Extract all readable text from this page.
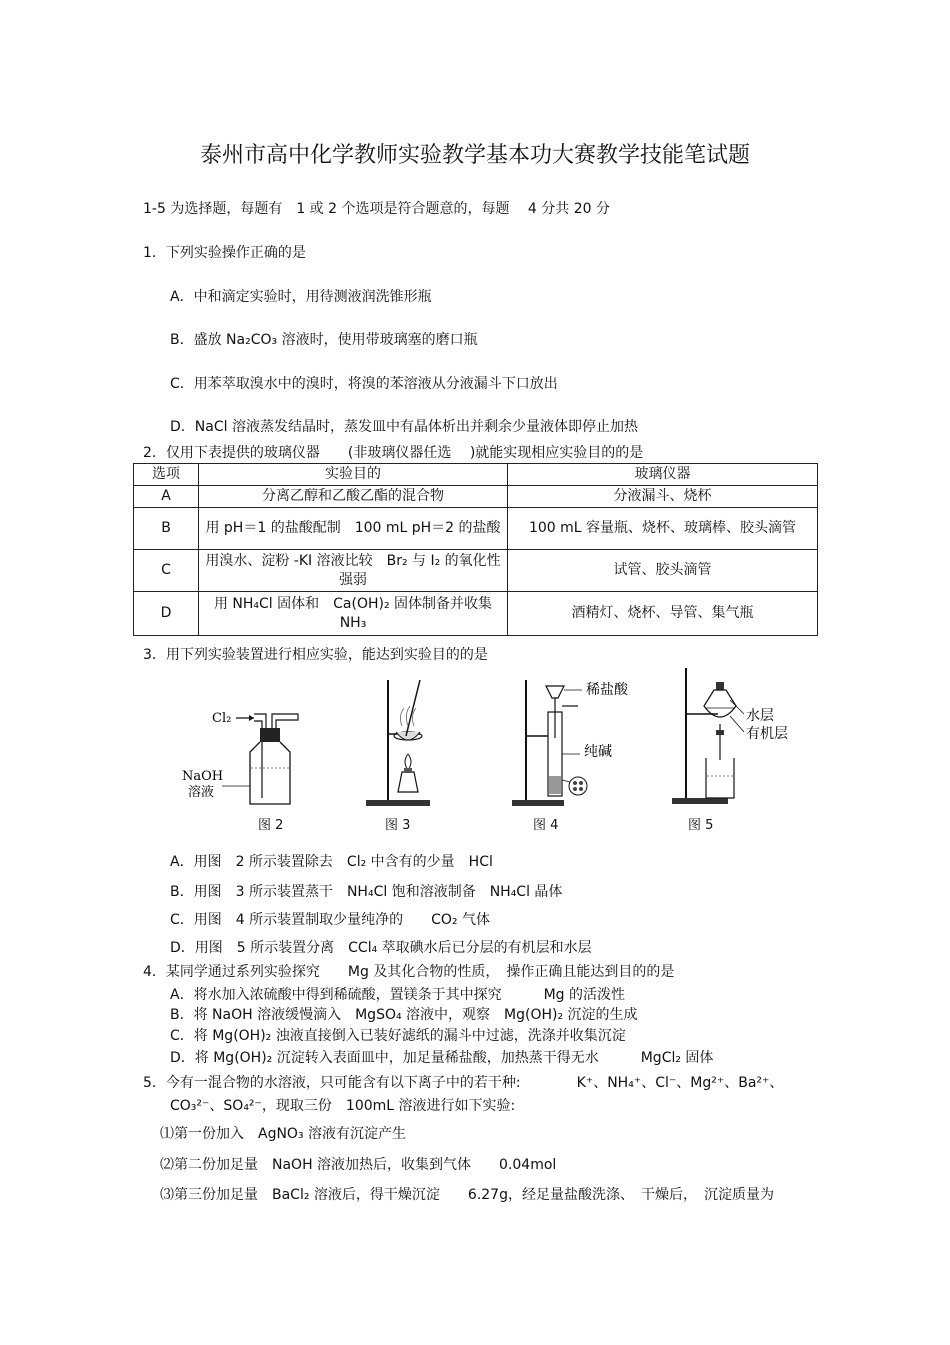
泰州市高中化学教师实验教学基本功大赛教学技能笔试题
1-5 为选择题，每题有　1 或 2 个选项是符合题意的，每题　 4 分共 20 分
1．下列实验操作正确的是
A．中和滴定实验时，用待测液润洗锥形瓶
B．盛放 Na₂CO₃ 溶液时，使用带玻璃塞的磨口瓶
C．用苯萃取溴水中的溴时，将溴的苯溶液从分液漏斗下口放出
D．NaCl 溶液蒸发结晶时，蒸发皿中有晶体析出并剩余少量液体即停止加热
2．仅用下表提供的玻璃仪器　　(非玻璃仪器任选　 )就能实现相应实验目的的是
选项	实验目的	玻璃仪器
A	分离乙醇和乙酸乙酯的混合物	分液漏斗、烧杯
B	用 pH＝1 的盐酸配制　100 mL pH＝2 的盐酸	100 mL 容量瓶、烧杯、玻璃棒、胶头滴管
C	用溴水、淀粉 -KI 溶液比较　Br₂ 与 I₂ 的氧化性强弱	试管、胶头滴管
D	用 NH₄Cl 固体和　Ca(OH)₂ 固体制备并收集 NH₃	酒精灯、烧杯、导管、集气瓶
3．用下列实验装置进行相应实验，能达到实验目的的是
Cl₂
NaOH
溶液
图 2	图 3
稀盐酸
纯碱
图 4
水层
有机层
图 5
A．用图　2 所示装置除去　Cl₂ 中含有的少量　HCl
B．用图　3 所示装置蒸干　NH₄Cl 饱和溶液制备　NH₄Cl 晶体
C．用图　4 所示装置制取少量纯净的　　CO₂ 气体
D．用图　5 所示装置分离　CCl₄ 萃取碘水后已分层的有机层和水层
4．某同学通过系列实验探究　　Mg 及其化合物的性质，　操作正确且能达到目的的是
A．将水加入浓硫酸中得到稀硫酸，置镁条于其中探究　　　Mg 的活泼性
B．将 NaOH 溶液缓慢滴入　MgSO₄ 溶液中，观察　Mg(OH)₂ 沉淀的生成
C．将 Mg(OH)₂ 浊液直接倒入已装好滤纸的漏斗中过滤，洗涤并收集沉淀
D．将 Mg(OH)₂ 沉淀转入表面皿中，加足量稀盐酸，加热蒸干得无水　　　MgCl₂ 固体
5．今有一混合物的水溶液，只可能含有以下离子中的若干种:　　　　K⁺、NH₄⁺、Cl⁻、Mg²⁺、Ba²⁺、
CO₃²⁻、SO₄²⁻，现取三份　100mL 溶液进行如下实验:
⑴第一份加入　AgNO₃ 溶液有沉淀产生
⑵第二份加足量　NaOH 溶液加热后，收集到气体　　0.04mol
⑶第三份加足量　BaCl₂ 溶液后，得干燥沉淀　　6.27g，经足量盐酸洗涤、　干燥后，　沉淀质量为
